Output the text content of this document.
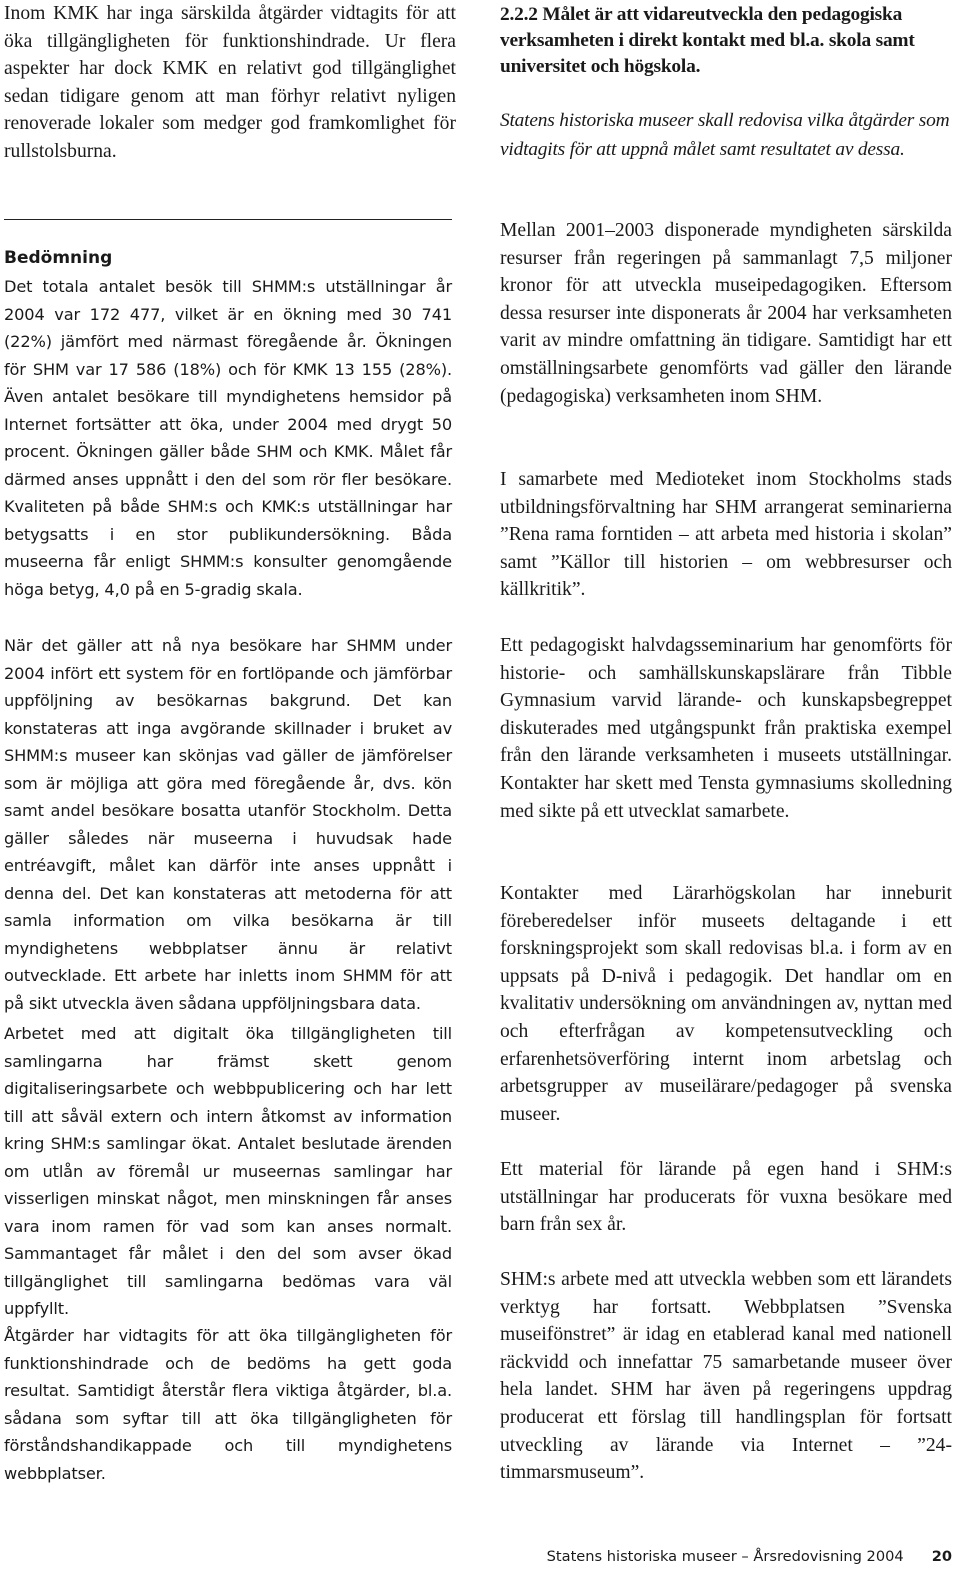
Inom KMK har inga särskilda åtgärder vidtagits för att öka tillgängligheten för funktionshindrade. Ur flera aspekter har dock KMK en relativt god tillgänglighet sedan tidigare genom att man förhyr relativt nyligen renoverade lokaler som medger god framkomlighet för rullstolsburna.

Bedömning

Det totala antalet besök till SHMM:s utställningar år 2004 var 172 477, vilket är en ökning med 30 741 (22%) jämfört med närmast föregående år. Ökningen för SHM var 17 586 (18%) och för KMK 13 155 (28%). Även antalet besökare till myndighetens hemsidor på Internet fortsätter att öka, under 2004 med drygt 50 procent. Ökningen gäller både SHM och KMK. Målet får därmed anses uppnått i den del som rör fler besökare. Kvaliteten på både SHM:s och KMK:s utställningar har betygsatts i en stor publikundersökning. Båda museerna får enligt SHMM:s konsulter genomgående höga betyg, 4,0 på en 5-gradig skala.

När det gäller att nå nya besökare har SHMM under 2004 infört ett system för en fortlöpande och jämförbar uppföljning av besökarnas bakgrund. Det kan konstateras att inga avgörande skillnader i bruket av SHMM:s museer kan skönjas vad gäller de jämförelser som är möjliga att göra med föregående år, dvs. kön samt andel besökare bosatta utanför Stockholm. Detta gäller således när museerna i huvudsak hade entréavgift, målet kan därför inte anses uppnått i denna del. Det kan konstateras att metoderna för att samla information om vilka besökarna är till myndighetens webbplatser ännu är relativt outvecklade. Ett arbete har inletts inom SHMM för att på sikt utveckla även sådana uppföljningsbara data.

Arbetet med att digitalt öka tillgängligheten till samlingarna har främst skett genom digitaliseringsarbete och webbpublicering och har lett till att såväl extern och intern åtkomst av information kring SHM:s samlingar ökat. Antalet beslutade ärenden om utlån av föremål ur museernas samlingar har visserligen minskat något, men minskningen får anses vara inom ramen för vad som kan anses normalt. Sammantaget får målet i den del som avser ökad tillgänglighet till samlingarna bedömas vara väl uppfyllt.

Åtgärder har vidtagits för att öka tillgängligheten för funktionshindrade och de bedöms ha gett goda resultat. Samtidigt återstår flera viktiga åtgärder, bl.a. sådana som syftar till att öka tillgängligheten för förståndshandikappade och till myndighetens webbplatser.

2.2.2 Målet är att vidareutveckla den pedagogiska verksamheten i direkt kontakt med bl.a. skola samt universitet och högskola.

Statens historiska museer skall redovisa vilka åtgärder som vidtagits för att uppnå målet samt resultatet av dessa.

Mellan 2001–2003 disponerade myndigheten särskilda resurser från regeringen på sammanlagt 7,5 miljoner kronor för att utveckla museipedagogiken. Eftersom dessa resurser inte disponerats år 2004 har verksamheten varit av mindre omfattning än tidigare. Samtidigt har ett omställningsarbete genomförts vad gäller den lärande (pedagogiska) verksamheten inom SHM.

I samarbete med Medioteket inom Stockholms stads utbildningsförvaltning har SHM arrangerat seminarierna ”Rena rama forntiden – att arbeta med historia i skolan” samt ”Källor till historien – om webbresurser och källkritik”.

Ett pedagogiskt halvdagsseminarium har genomförts för historie- och samhällskunskapslärare från Tibble Gymnasium varvid lärande- och kunskapsbegreppet diskuterades med utgångspunkt från praktiska exempel från den lärande verksamheten i museets utställningar. Kontakter har skett med Tensta gymnasiums skolledning med sikte på ett utvecklat samarbete.

Kontakter med Lärarhögskolan har inneburit föreberedelser inför museets deltagande i ett forskningsprojekt som skall redovisas bl.a. i form av en uppsats på D-nivå i pedagogik. Det handlar om en kvalitativ undersökning om användningen av, nyttan med och efterfrågan av kompetensutveckling och erfarenhetsöverföring internt inom arbetslag och arbetsgrupper av museilärare/pedagoger på svenska museer.

Ett material för lärande på egen hand i SHM:s utställningar har producerats för vuxna besökare med barn från sex år.

SHM:s arbete med att utveckla webben som ett lärandets verktyg har fortsatt. Webbplatsen ”Svenska museifönstret” är idag en etablerad kanal med nationell räckvidd och innefattar 75 samarbetande museer över hela landet. SHM har även på regeringens uppdrag producerat ett förslag till handlingsplan för fortsatt utveckling av lärande via Internet – ”24-timmarsmuseum”.

Statens historiska museer – Årsredovisning 2004 20
